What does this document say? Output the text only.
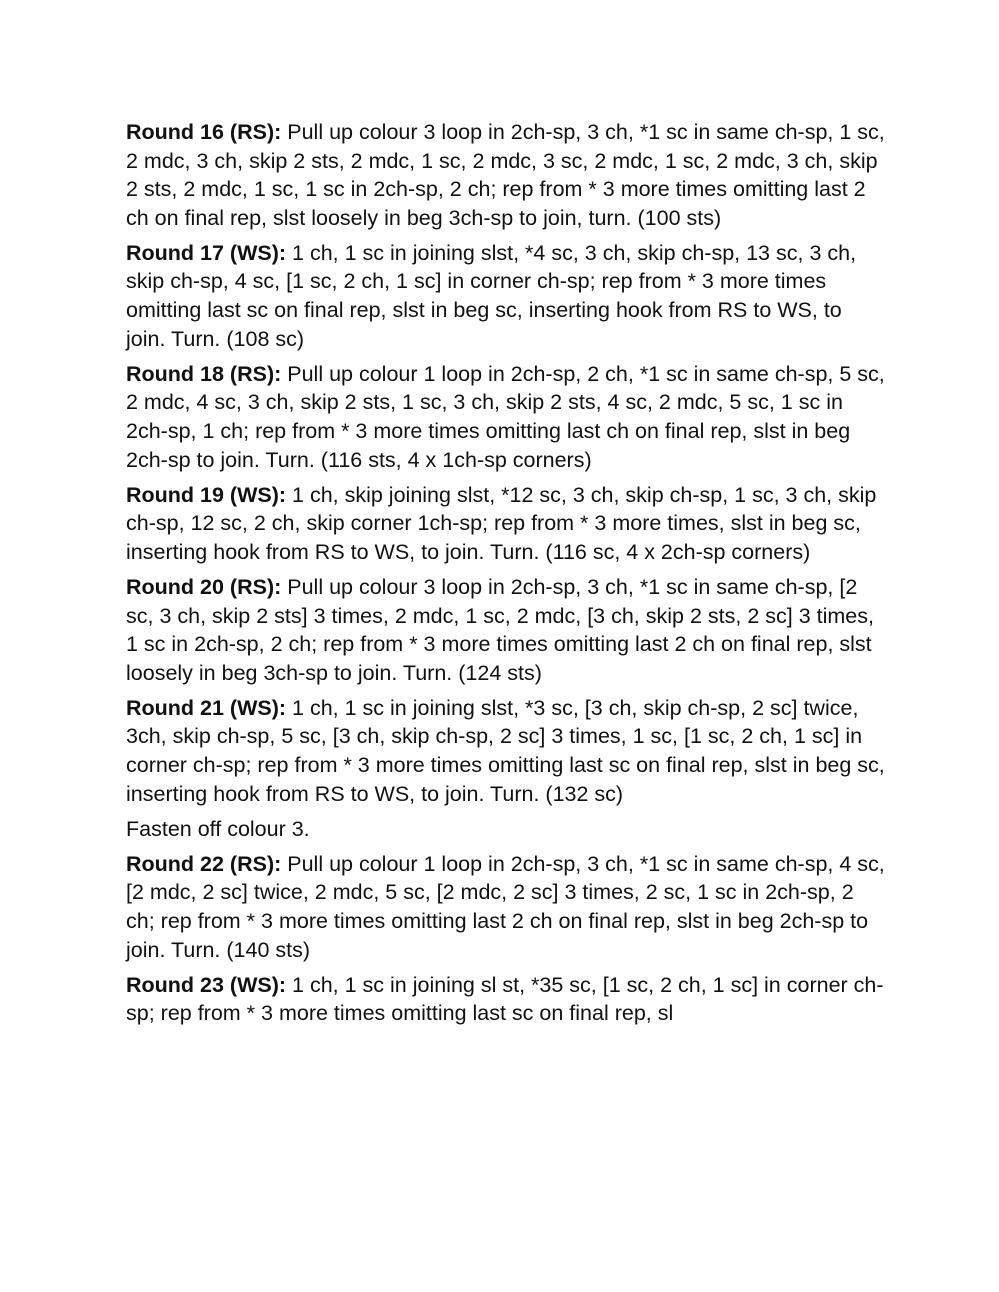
Round 16 (RS): Pull up colour 3 loop in 2ch-sp, 3 ch, *1 sc in same ch-sp, 1 sc, 2 mdc, 3 ch, skip 2 sts, 2 mdc, 1 sc, 2 mdc, 3 sc, 2 mdc, 1 sc, 2 mdc, 3 ch, skip 2 sts, 2 mdc, 1 sc, 1 sc in 2ch-sp, 2 ch; rep from * 3 more times omitting last 2 ch on final rep, slst loosely in beg 3ch-sp to join, turn. (100 sts)

Round 17 (WS): 1 ch, 1 sc in joining slst, *4 sc, 3 ch, skip ch-sp, 13 sc, 3 ch, skip ch-sp, 4 sc, [1 sc, 2 ch, 1 sc] in corner ch-sp; rep from * 3 more times omitting last sc on final rep, slst in beg sc, inserting hook from RS to WS, to join. Turn. (108 sc)

Round 18 (RS): Pull up colour 1 loop in 2ch-sp, 2 ch, *1 sc in same ch-sp, 5 sc, 2 mdc, 4 sc, 3 ch, skip 2 sts, 1 sc, 3 ch, skip 2 sts, 4 sc, 2 mdc, 5 sc, 1 sc in 2ch-sp, 1 ch; rep from * 3 more times omitting last ch on final rep, slst in beg 2ch-sp to join. Turn. (116 sts, 4 x 1ch-sp corners)

Round 19 (WS): 1 ch, skip joining slst, *12 sc, 3 ch, skip ch-sp, 1 sc, 3 ch, skip ch-sp, 12 sc, 2 ch, skip corner 1ch-sp; rep from * 3 more times, slst in beg sc, inserting hook from RS to WS, to join. Turn. (116 sc, 4 x 2ch-sp corners)

Round 20 (RS): Pull up colour 3 loop in 2ch-sp, 3 ch, *1 sc in same ch-sp, [2 sc, 3 ch, skip 2 sts] 3 times, 2 mdc, 1 sc, 2 mdc, [3 ch, skip 2 sts, 2 sc] 3 times, 1 sc in 2ch-sp, 2 ch; rep from * 3 more times omitting last 2 ch on final rep, slst loosely in beg 3ch-sp to join. Turn. (124 sts)

Round 21 (WS): 1 ch, 1 sc in joining slst, *3 sc, [3 ch, skip ch-sp, 2 sc] twice, 3ch, skip ch-sp, 5 sc, [3 ch, skip ch-sp, 2 sc] 3 times, 1 sc, [1 sc, 2 ch, 1 sc] in corner ch-sp; rep from * 3 more times omitting last sc on final rep, slst in beg sc, inserting hook from RS to WS, to join. Turn. (132 sc)

Fasten off colour 3.

Round 22 (RS): Pull up colour 1 loop in 2ch-sp, 3 ch, *1 sc in same ch-sp, 4 sc, [2 mdc, 2 sc] twice, 2 mdc, 5 sc, [2 mdc, 2 sc] 3 times, 2 sc, 1 sc in 2ch-sp, 2 ch; rep from * 3 more times omitting last 2 ch on final rep, slst in beg 2ch-sp to join. Turn. (140 sts)

Round 23 (WS): 1 ch, 1 sc in joining sl st, *35 sc, [1 sc, 2 ch, 1 sc] in corner ch-sp; rep from * 3 more times omitting last sc on final rep, sl
